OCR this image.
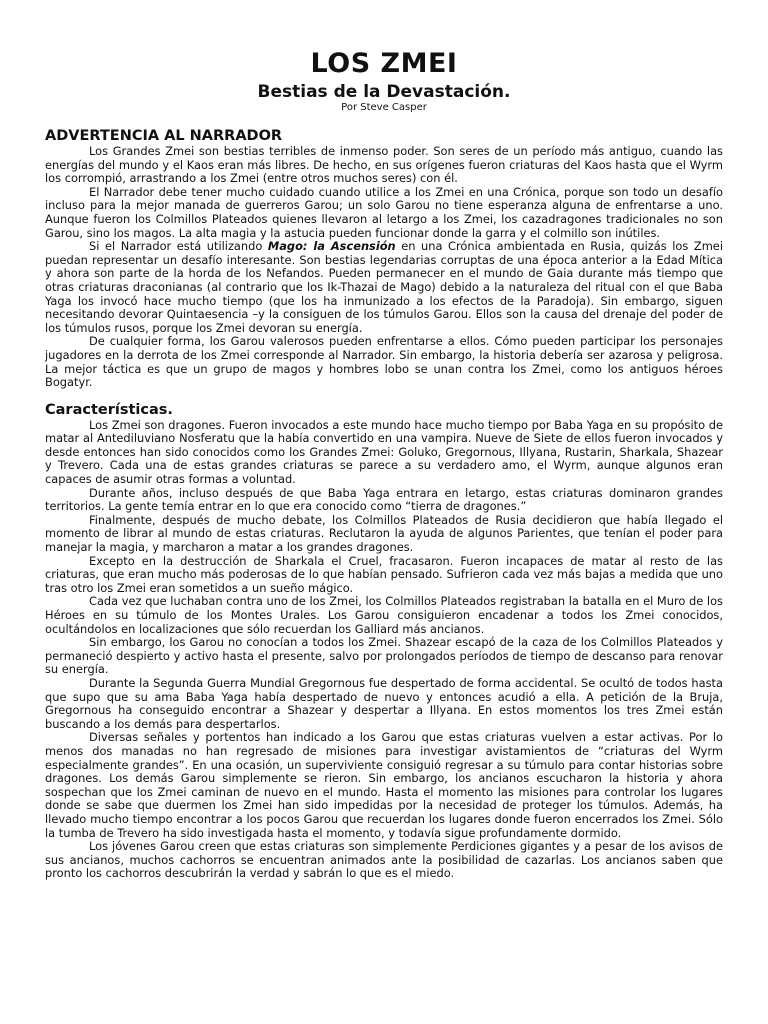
LOS ZMEI
Bestias de la Devastación.
Por Steve Casper
ADVERTENCIA AL NARRADOR

Los Grandes Zmei son bestias terribles de inmenso poder. Son seres de un período más antiguo, cuando las energías del mundo y el Kaos eran más libres. De hecho, en sus orígenes fueron criaturas del Kaos hasta que el Wyrm los corrompió, arrastrando a los Zmei (entre otros muchos seres) con él.

El Narrador debe tener mucho cuidado cuando utilice a los Zmei en una Crónica, porque son todo un desafío incluso para la mejor manada de guerreros Garou; un solo Garou no tiene esperanza alguna de enfrentarse a uno. Aunque fueron los Colmillos Plateados quienes llevaron al letargo a los Zmei, los cazadragones tradicionales no son Garou, sino los magos. La alta magia y la astucia pueden funcionar donde la garra y el colmillo son inútiles.

Si el Narrador está utilizando Mago: la Ascensión en una Crónica ambientada en Rusia, quizás los Zmei puedan representar un desafío interesante. Son bestias legendarias corruptas de una época anterior a la Edad Mítica y ahora son parte de la horda de los Nefandos. Pueden permanecer en el mundo de Gaia durante más tiempo que otras criaturas draconianas (al contrario que los Ik-Thazai de Mago) debido a la naturaleza del ritual con el que Baba Yaga los invocó hace mucho tiempo (que los ha inmunizado a los efectos de la Paradoja). Sin embargo, siguen necesitando devorar Quintaesencia –y la consiguen de los túmulos Garou. Ellos son la causa del drenaje del poder de los túmulos rusos, porque los Zmei devoran su energía.

De cualquier forma, los Garou valerosos pueden enfrentarse a ellos. Cómo pueden participar los personajes jugadores en la derrota de los Zmei corresponde al Narrador. Sin embargo, la historia debería ser azarosa y peligrosa. La mejor táctica es que un grupo de magos y hombres lobo se unan contra los Zmei, como los antiguos héroes Bogatyr.

Características.

Los Zmei son dragones. Fueron invocados a este mundo hace mucho tiempo por Baba Yaga en su propósito de matar al Antediluviano Nosferatu que la había convertido en una vampira. Nueve de Siete de ellos fueron invocados y desde entonces han sido conocidos como los Grandes Zmei: Goluko, Gregornous, Illyana, Rustarin, Sharkala, Shazear y Trevero. Cada una de estas grandes criaturas se parece a su verdadero amo, el Wyrm, aunque algunos eran capaces de asumir otras formas a voluntad.

Durante años, incluso después de que Baba Yaga entrara en letargo, estas criaturas dominaron grandes territorios. La gente temía entrar en lo que era conocido como “tierra de dragones.”

Finalmente, después de mucho debate, los Colmillos Plateados de Rusia decidieron que había llegado el momento de librar al mundo de estas criaturas. Reclutaron la ayuda de algunos Parientes, que tenían el poder para manejar la magia, y marcharon a matar a los grandes dragones.

Excepto en la destrucción de Sharkala el Cruel, fracasaron. Fueron incapaces de matar al resto de las criaturas, que eran mucho más poderosas de lo que habían pensado. Sufrieron cada vez más bajas a medida que uno tras otro los Zmei eran sometidos a un sueño mágico.

Cada vez que luchaban contra uno de los Zmei, los Colmillos Plateados registraban la batalla en el Muro de los Héroes en su túmulo de los Montes Urales. Los Garou consiguieron encadenar a todos los Zmei conocidos, ocultándolos en localizaciones que sólo recuerdan los Galliard más ancianos.

Sin embargo, los Garou no conocían a todos los Zmei. Shazear escapó de la caza de los Colmillos Plateados y permaneció despierto y activo hasta el presente, salvo por prolongados períodos de tiempo de descanso para renovar su energía.

Durante la Segunda Guerra Mundial Gregornous fue despertado de forma accidental. Se ocultó de todos hasta que supo que su ama Baba Yaga había despertado de nuevo y entonces acudió a ella. A petición de la Bruja, Gregornous ha conseguido encontrar a Shazear y despertar a Illyana. En estos momentos los tres Zmei están buscando a los demás para despertarlos.

Diversas señales y portentos han indicado a los Garou que estas criaturas vuelven a estar activas. Por lo menos dos manadas no han regresado de misiones para investigar avistamientos de “criaturas del Wyrm especialmente grandes”. En una ocasión, un superviviente consiguió regresar a su túmulo para contar historias sobre dragones. Los demás Garou simplemente se rieron. Sin embargo, los ancianos escucharon la historia y ahora sospechan que los Zmei caminan de nuevo en el mundo. Hasta el momento las misiones para controlar los lugares donde se sabe que duermen los Zmei han sido impedidas por la necesidad de proteger los túmulos. Además, ha llevado mucho tiempo encontrar a los pocos Garou que recuerdan los lugares donde fueron encerrados los Zmei. Sólo la tumba de Trevero ha sido investigada hasta el momento, y todavía sigue profundamente dormido.

Los jóvenes Garou creen que estas criaturas son simplemente Perdiciones gigantes y a pesar de los avisos de sus ancianos, muchos cachorros se encuentran animados ante la posibilidad de cazarlas. Los ancianos saben que pronto los cachorros descubrirán la verdad y sabrán lo que es el miedo.
